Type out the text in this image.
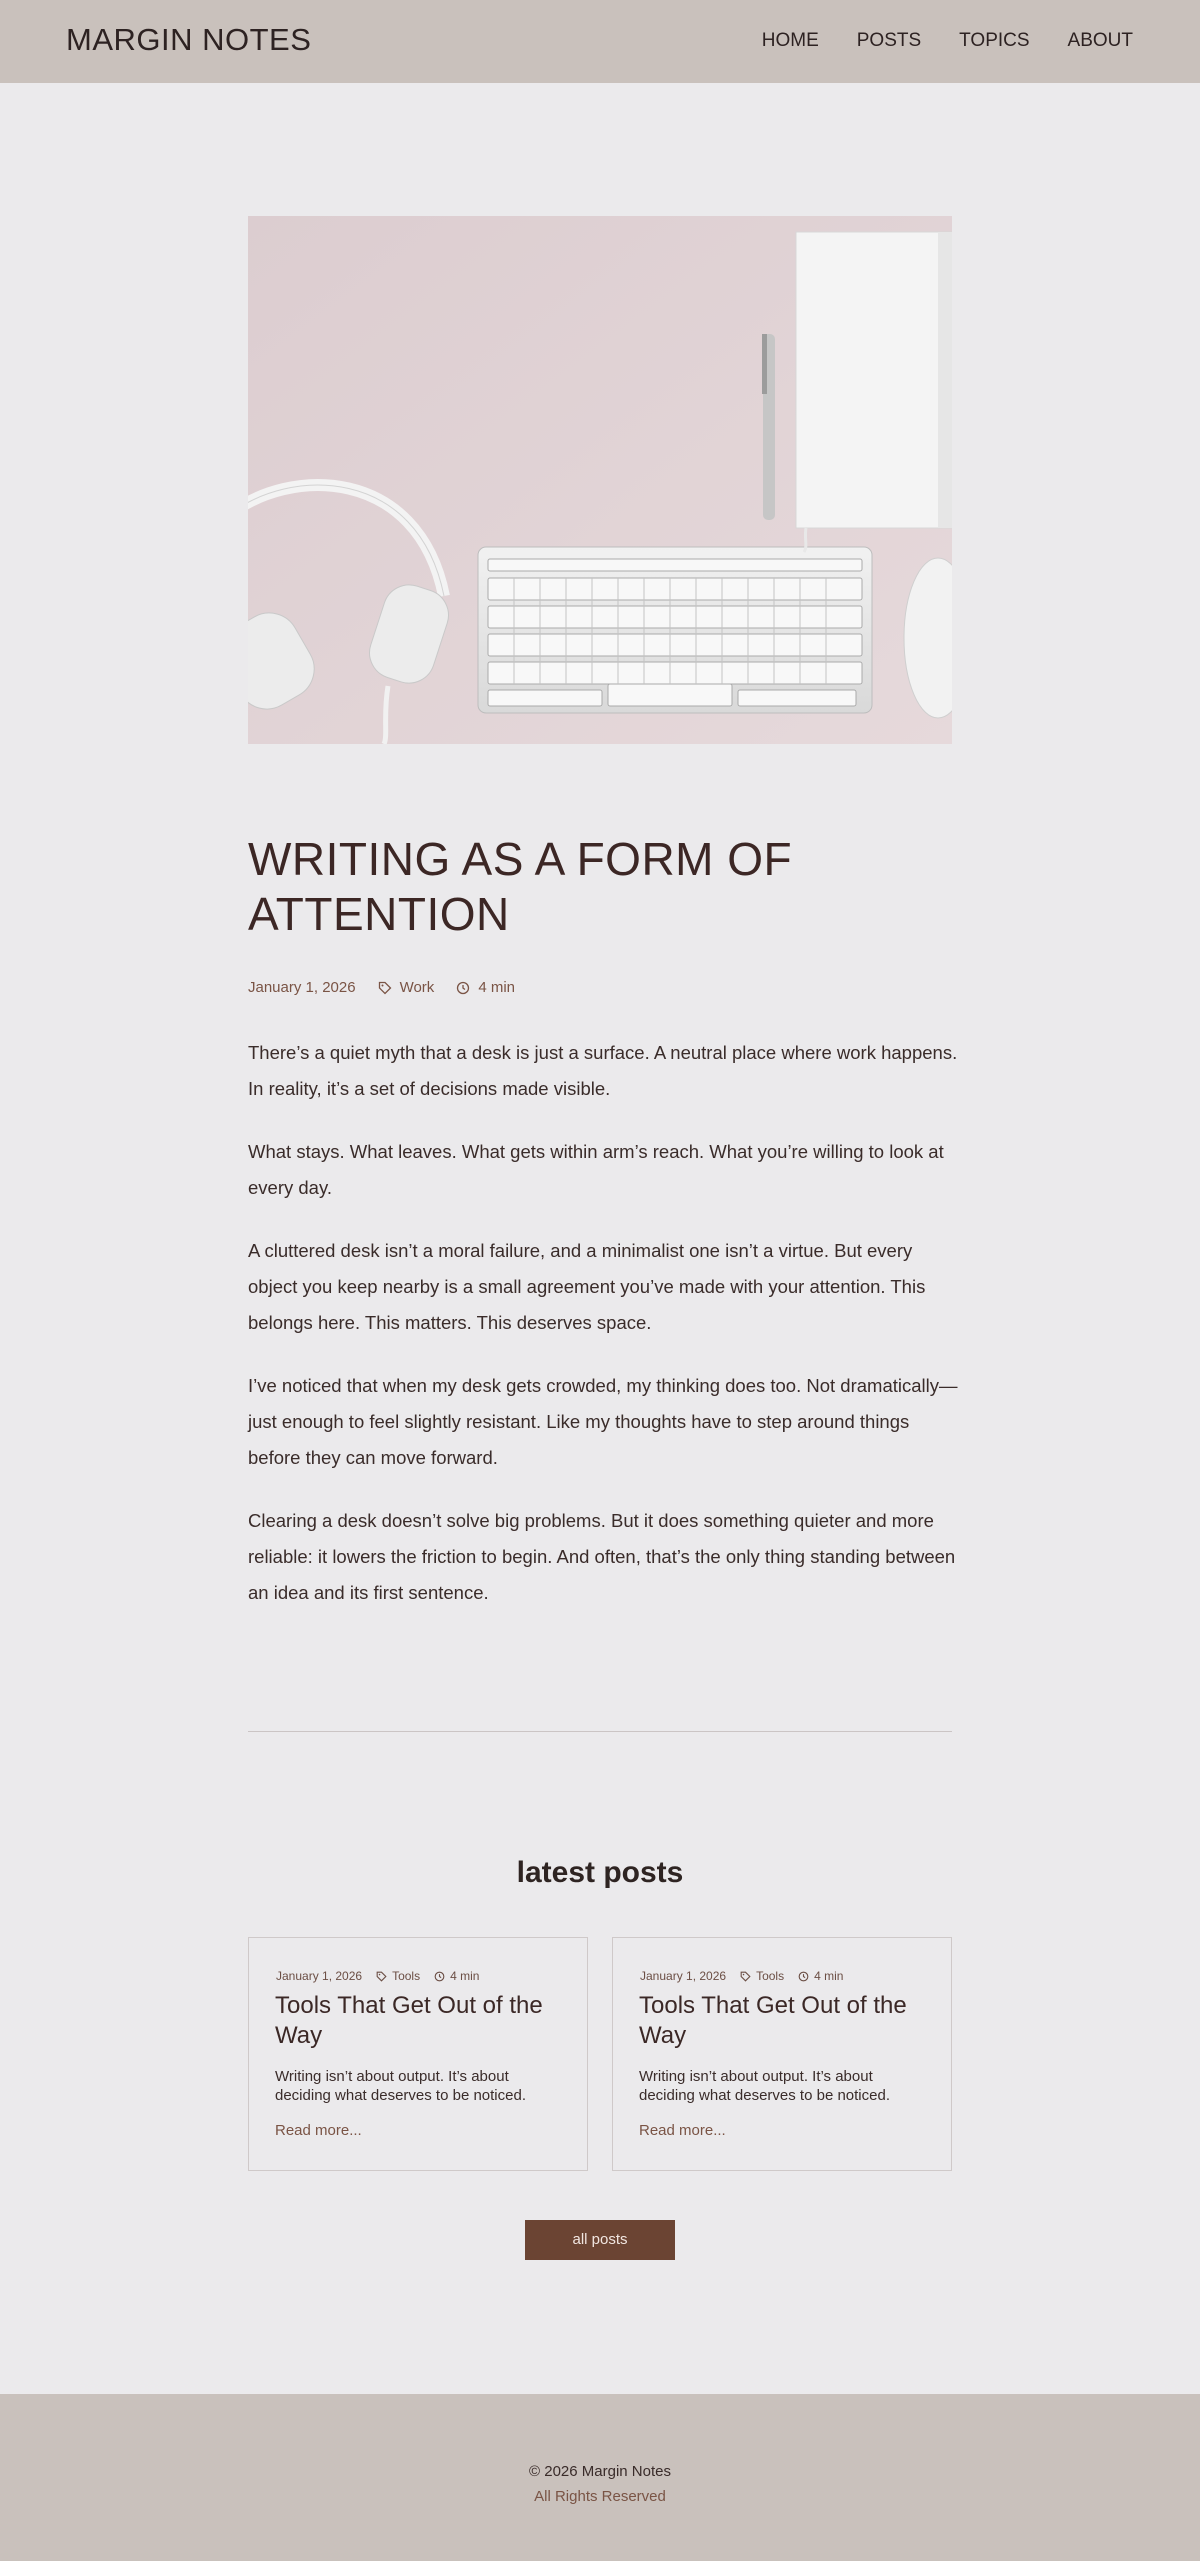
MARGIN NOTES	HOME POSTS TOPICS ABOUT
WRITING AS A FORM OF ATTENTION
January 1, 2026	Work	4 min

There’s a quiet myth that a desk is just a surface. A neutral place where work happens. In reality, it’s a set of decisions made visible.

What stays. What leaves. What gets within arm’s reach. What you’re willing to look at every day.

A cluttered desk isn’t a moral failure, and a minimalist one isn’t a virtue. But every object you keep nearby is a small agreement you’ve made with your attention. This belongs here. This matters. This deserves space.

I’ve noticed that when my desk gets crowded, my thinking does too. Not dramatically—just enough to feel slightly resistant. Like my thoughts have to step around things before they can move forward.

Clearing a desk doesn’t solve big problems. But it does something quieter and more reliable: it lowers the friction to begin. And often, that’s the only thing standing between an idea and its first sentence.

latest posts
January 1, 2026	Tools	4 min
Tools That Get Out of the Way
Writing isn’t about output. It’s about deciding what deserves to be noticed.
Read more...
January 1, 2026	Tools	4 min
Tools That Get Out of the Way
Writing isn’t about output. It’s about deciding what deserves to be noticed.
Read more...
all posts
© 2026 Margin Notes
All Rights Reserved
